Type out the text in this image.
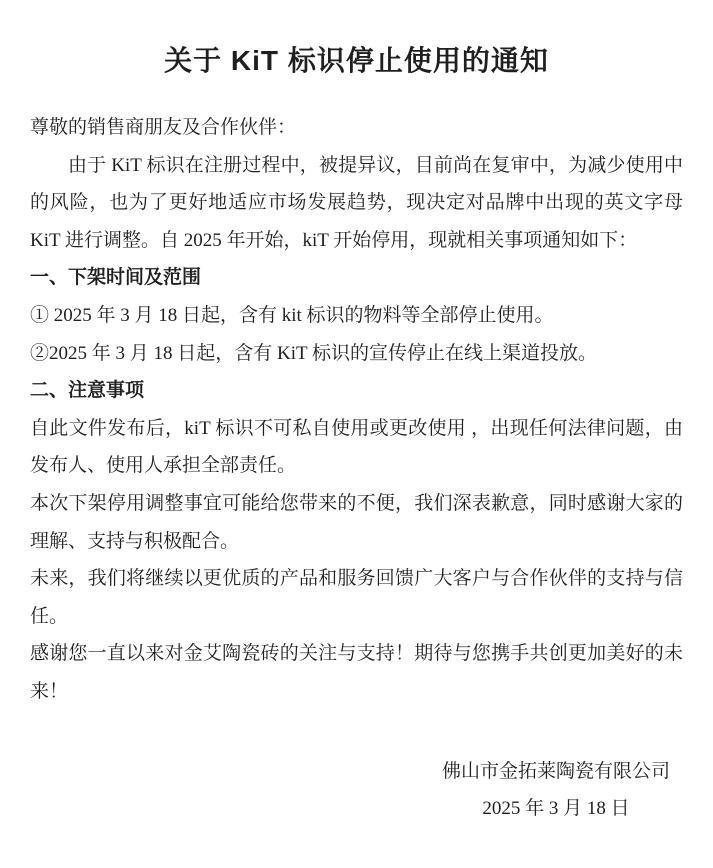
关于 KiT 标识停止使用的通知

尊敬的销售商朋友及合作伙伴：

由于 KiT 标识在注册过程中，被提异议，目前尚在复审中，为减少使用中的风险，也为了更好地适应市场发展趋势，现决定对品牌中出现的英文字母 KiT 进行调整。自 2025 年开始，kiT 开始停用，现就相关事项通知如下：

一、下架时间及范围

① 2025 年 3 月 18 日起，含有 kit 标识的物料等全部停止使用。

②2025 年 3 月 18 日起，含有 KiT 标识的宣传停止在线上渠道投放。

二、注意事项

自此文件发布后，kiT 标识不可私自使用或更改使用 ，出现任何法律问题，由发布人、使用人承担全部责任。

本次下架停用调整事宜可能给您带来的不便，我们深表歉意，同时感谢大家的理解、支持与积极配合。

未来，我们将继续以更优质的产品和服务回馈广大客户与合作伙伴的支持与信任。

感谢您一直以来对金艾陶瓷砖的关注与支持！期待与您携手共创更加美好的未来！

佛山市金拓莱陶瓷有限公司

2025 年 3 月 18 日
